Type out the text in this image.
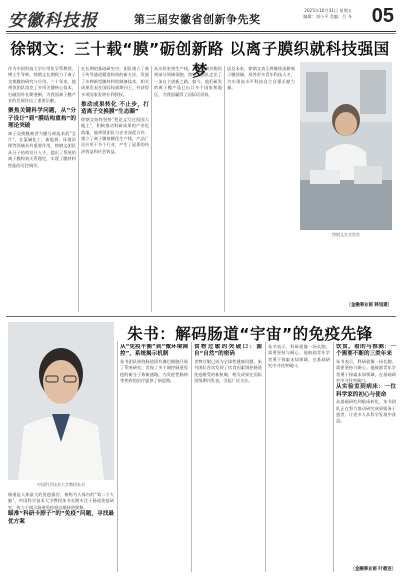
安徽科技报	第三届安徽省创新争先奖
2025年10月31日 星期五
编辑：刘小平 美编：吕 冬 05
徐钢文：三十载“膜”砺创新路 以离子膜织就科技强国梦
作为中国科技大学应用化学系教授、博士生导师，徐钢文长期致力于离子交换膜的研究与应用。三十年来，他带领团队攻克了多项关键核心技术，打破国外长期垄断，为我国离子膜产业的发展作出了重要贡献。
聚焦关键科学问题，从“分子设计”到“膜结构重构”的理论突破
离子交换膜被誉为膜分离技术的“芯片”，在氯碱化工、新能源、环境治理等领域具有重要作用。徐钢文团队从分子结构设计入手，提出了系统的离子膜构效关系理论，实现了膜材料性能的可控调节。
在长期的基础研究中，团队建立了离子传导通道精准构筑的新方法，发展了多种新型膜材料的制备技术，相关成果发表在国际权威期刊上，并获得多项国家发明专利授权。
推动成果转化 不止步，打造离子交换膜“生态圈”
徐钢文始终坚持“把论文写在祖国大地上”，积极推动科研成果的产业化落地。他带领团队与企业深度合作，建立了离子膜规模化生产线，产品广泛应用于多个行业，产生了显著的经济效益和社会效益。
从实验室到生产线，从跟跑到并跑再到部分领域领跑，徐钢文团队走出了一条自主创新之路。如今，他们研发的离子膜产品已出口多个国家和地区，为我国赢得了国际话语权。
谈及未来，徐钢文表示将继续深耕离子膜领域，培养更多青年科技人才，为实现高水平科技自立自强贡献力量。
徐钢文在实验室
〔金融事业部 韩旭建〕
朱书：解码肠道“宇宙”的免疫先锋
中国科学技术大学教授朱书
肠道是人体最大的免疫器官，被称为人体内的“第二个大脑”。中国科学技术大学教授朱书长期专注于肠道免疫研究，致力于揭示肠道免疫稳态维持的奥秘。
瞄准“科研卡脖子”的“免疫”问题，寻找最优方案
从“免疫平衡”到“微环境调控”，系统揭示机制
朱书团队围绕肠道固有淋巴细胞开展了系统研究，发现了多个调控肠道免疫的新分子和新通路，为炎症性肠病等疾病的治疗提供了新思路。
食物过敏的突破口：源自“自然”的密码
食物过敏已成为全球性健康问题。朱书团队首次发现了饮食因素调控肠道免疫耐受的新机制，相关成果在国际顶级期刊发表，引起广泛关注。
朱书表示，科研就像一场长跑，需要坚持与耐心。他鼓励青年学者勇于探索未知领域，在基础研究中寻找突破口。
饮食，看的与推测：一个需要不断的三类年来
朱书表示，科研就像一场长跑，需要坚持与耐心。他鼓励青年学者勇于探索未知领域，在基础研究中寻找突破口。
从实验室到病床：一位科学家的初心与使命
从基础研究到临床转化，朱书团队正在努力推动研究成果服务于患者，让更多人从科学发现中获益。
〔金融事业部 叶惠连〕
